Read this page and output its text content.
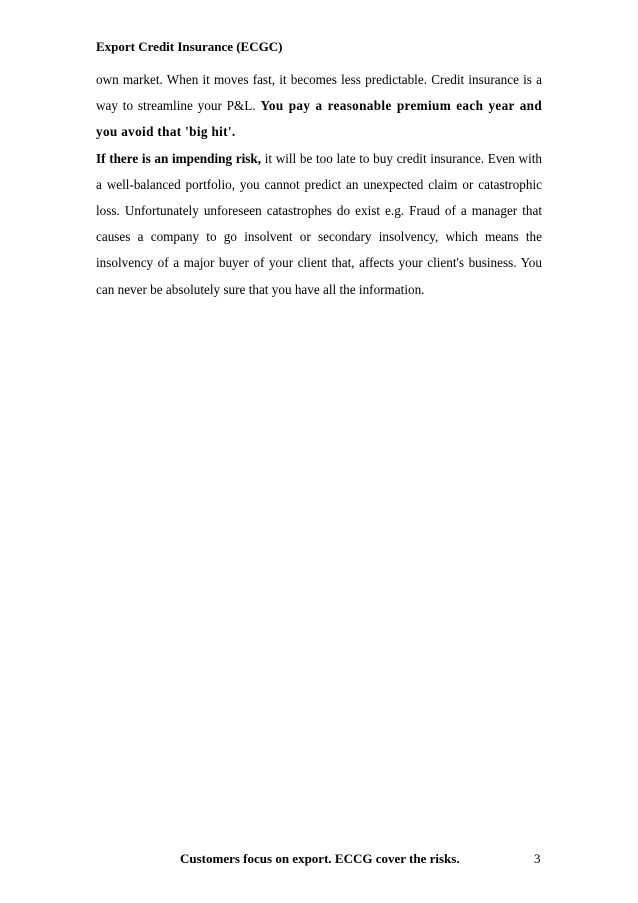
Export Credit Insurance (ECGC)

own market. When it moves fast, it becomes less predictable. Credit insurance is a way to streamline your P&L. You pay a reasonable premium each year and you avoid that 'big hit'.

If there is an impending risk, it will be too late to buy credit insurance. Even with a well-balanced portfolio, you cannot predict an unexpected claim or catastrophic loss. Unfortunately unforeseen catastrophes do exist e.g. Fraud of a manager that causes a company to go insolvent or secondary insolvency, which means the insolvency of a major buyer of your client that, affects your client's business. You can never be absolutely sure that you have all the information.

Customers focus on export. ECCG cover the risks.	3
